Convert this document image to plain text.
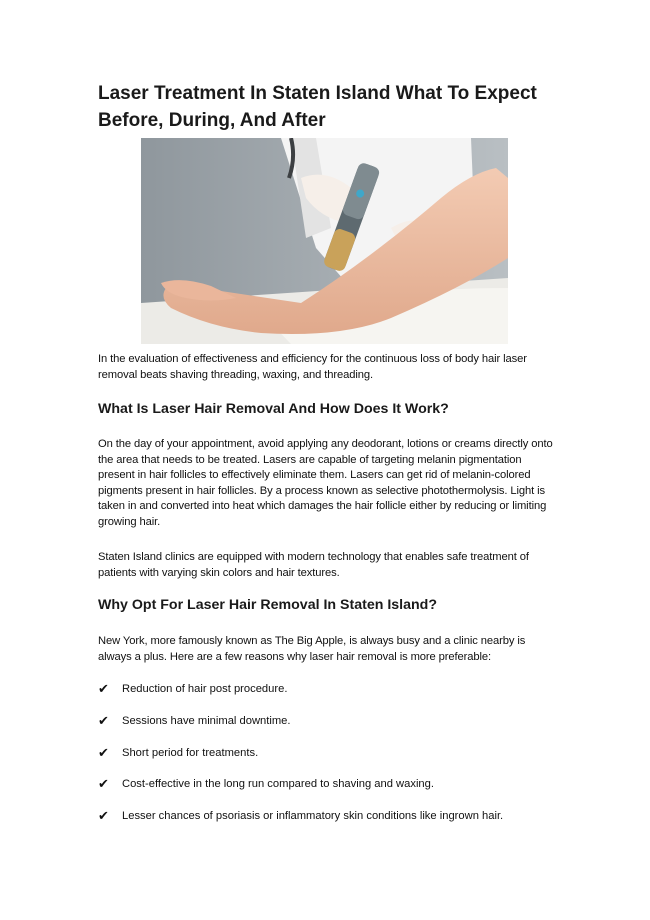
Laser Treatment In Staten Island What To Expect Before, During, And After

In the evaluation of effectiveness and efficiency for the continuous loss of body hair laser removal beats shaving threading, waxing, and threading.

What Is Laser Hair Removal And How Does It Work?

On the day of your appointment, avoid applying any deodorant, lotions or creams directly onto the area that needs to be treated. Lasers are capable of targeting melanin pigmentation present in hair follicles to effectively eliminate them. Lasers can get rid of melanin-colored pigments present in hair follicles. By a process known as selective photothermolysis. Light is taken in and converted into heat which damages the hair follicle either by reducing or limiting growing hair.

Staten Island clinics are equipped with modern technology that enables safe treatment of patients with varying skin colors and hair textures.

Why Opt For Laser Hair Removal In Staten Island?

New York, more famously known as The Big Apple, is always busy and a clinic nearby is always a plus. Here are a few reasons why laser hair removal is more preferable:

✔ Reduction of hair post procedure.
✔ Sessions have minimal downtime.
✔ Short period for treatments.
✔ Cost-effective in the long run compared to shaving and waxing.
✔ Lesser chances of psoriasis or inflammatory skin conditions like ingrown hair.
